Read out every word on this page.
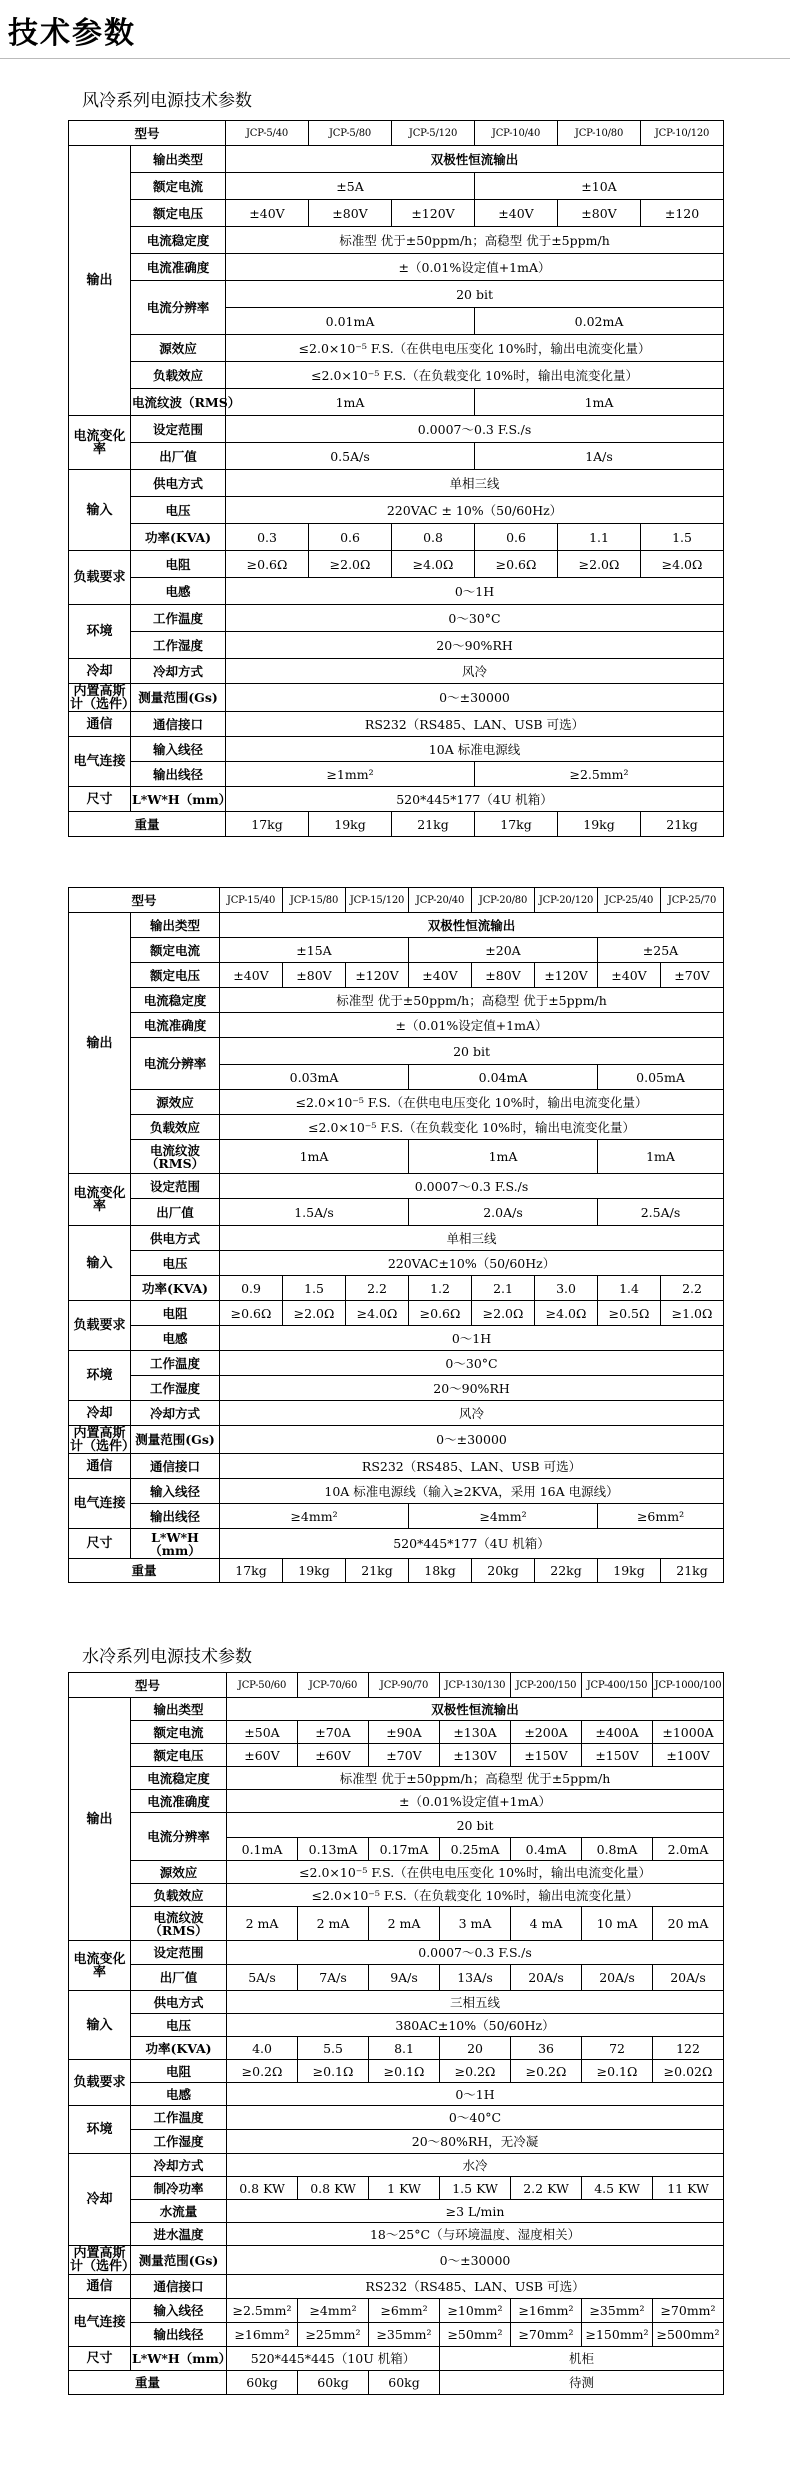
技术参数
风冷系列电源技术参数
型号		JCP-5/40	JCP-5/80	JCP-5/120	JCP-10/40	JCP-10/80	JCP-10/120
输出	输出类型	双极性恒流输出					
	额定电流	±5A			±10A		
	额定电压	±40V	±80V	±120V	±40V	±80V	±120
	电流稳定度	标准型 优于±50ppm/h；高稳型 优于±5ppm/h					
	电流准确度	±（0.01%设定值+1mA）					
	电流分辨率	20 bit					
		0.01mA			0.02mA		
	源效应	≤2.0×10⁻⁵ F.S.（在供电电压变化 10%时，输出电流变化量）					
	负载效应	≤2.0×10⁻⁵ F.S.（在负载变化 10%时，输出电流变化量）					
	电流纹波（RMS）	1mA			1mA		
电流变化率	设定范围	0.0007～0.3 F.S./s					
	出厂值	0.5A/s			1A/s		
输入	供电方式	单相三线					
	电压	220VAC ± 10%（50/60Hz）					
	功率(KVA)	0.3	0.6	0.8	0.6	1.1	1.5
负载要求	电阻	≥0.6Ω	≥2.0Ω	≥4.0Ω	≥0.6Ω	≥2.0Ω	≥4.0Ω
	电感	0～1H					
环境	工作温度	0～30°C					
	工作湿度	20～90%RH					
冷却	冷却方式	风冷					
内置高斯计（选件）	测量范围(Gs)	0～±30000					
通信	通信接口	RS232（RS485、LAN、USB 可选）					
电气连接	输入线径	10A 标准电源线					
	输出线径	≥1mm²			≥2.5mm²		
尺寸	L*W*H（mm）	520*445*177（4U 机箱）					
重量		17kg	19kg	21kg	17kg	19kg	21kg
型号		JCP-15/40	JCP-15/80	JCP-15/120	JCP-20/40	JCP-20/80	JCP-20/120	JCP-25/40	JCP-25/70
输出	输出类型	双极性恒流输出							
	额定电流	±15A			±20A			±25A	
	额定电压	±40V	±80V	±120V	±40V	±80V	±120V	±40V	±70V
	电流稳定度	标准型 优于±50ppm/h；高稳型 优于±5ppm/h							
	电流准确度	±（0.01%设定值+1mA）							
	电流分辨率	20 bit							
		0.03mA			0.04mA			0.05mA	
	源效应	≤2.0×10⁻⁵ F.S.（在供电电压变化 10%时，输出电流变化量）							
	负载效应	≤2.0×10⁻⁵ F.S.（在负载变化 10%时，输出电流变化量）							
	电流纹波（RMS）	1mA			1mA			1mA	
电流变化率	设定范围	0.0007～0.3 F.S./s							
	出厂值	1.5A/s			2.0A/s			2.5A/s	
输入	供电方式	单相三线							
	电压	220VAC±10%（50/60Hz）							
	功率(KVA)	0.9	1.5	2.2	1.2	2.1	3.0	1.4	2.2
负载要求	电阻	≥0.6Ω	≥2.0Ω	≥4.0Ω	≥0.6Ω	≥2.0Ω	≥4.0Ω	≥0.5Ω	≥1.0Ω
	电感	0～1H							
环境	工作温度	0～30°C							
	工作湿度	20～90%RH							
冷却	冷却方式	风冷							
内置高斯计（选件）	测量范围(Gs)	0～±30000							
通信	通信接口	RS232（RS485、LAN、USB 可选）							
电气连接	输入线径	10A 标准电源线（输入≥2KVA，采用 16A 电源线）							
	输出线径	≥4mm²			≥4mm²			≥6mm²	
尺寸	L*W*H（mm）	520*445*177（4U 机箱）							
重量		17kg	19kg	21kg	18kg	20kg	22kg	19kg	21kg
水冷系列电源技术参数
型号		JCP-50/60	JCP-70/60	JCP-90/70	JCP-130/130	JCP-200/150	JCP-400/150	JCP-1000/100
输出	输出类型	双极性恒流输出						
	额定电流	±50A	±70A	±90A	±130A	±200A	±400A	±1000A
	额定电压	±60V	±60V	±70V	±130V	±150V	±150V	±100V
	电流稳定度	标准型 优于±50ppm/h；高稳型 优于±5ppm/h						
	电流准确度	±（0.01%设定值+1mA）						
	电流分辨率	20 bit						
		0.1mA	0.13mA	0.17mA	0.25mA	0.4mA	0.8mA	2.0mA
	源效应	≤2.0×10⁻⁵ F.S.（在供电电压变化 10%时，输出电流变化量）						
	负载效应	≤2.0×10⁻⁵ F.S.（在负载变化 10%时，输出电流变化量）						
	电流纹波（RMS）	2 mA	2 mA	2 mA	3 mA	4 mA	10 mA	20 mA
电流变化率	设定范围	0.0007～0.3 F.S./s						
	出厂值	5A/s	7A/s	9A/s	13A/s	20A/s	20A/s	20A/s
输入	供电方式	三相五线						
	电压	380AC±10%（50/60Hz）						
	功率(KVA)	4.0	5.5	8.1	20	36	72	122
负载要求	电阻	≥0.2Ω	≥0.1Ω	≥0.1Ω	≥0.2Ω	≥0.2Ω	≥0.1Ω	≥0.02Ω
	电感	0～1H						
环境	工作温度	0～40°C						
	工作湿度	20～80%RH，无冷凝						
冷却	冷却方式	水冷						
	制冷功率	0.8 KW	0.8 KW	1 KW	1.5 KW	2.2 KW	4.5 KW	11 KW
	水流量	≥3 L/min						
	进水温度	18～25°C（与环境温度、湿度相关）						
内置高斯计（选件）	测量范围(Gs)	0～±30000						
通信	通信接口	RS232（RS485、LAN、USB 可选）						
电气连接	输入线径	≥2.5mm²	≥4mm²	≥6mm²	≥10mm²	≥16mm²	≥35mm²	≥70mm²
	输出线径	≥16mm²	≥25mm²	≥35mm²	≥50mm²	≥70mm²	≥150mm²	≥500mm²
尺寸	L*W*H（mm）	520*445*445（10U 机箱）			机柜			
重量		60kg	60kg	60kg	待测			
